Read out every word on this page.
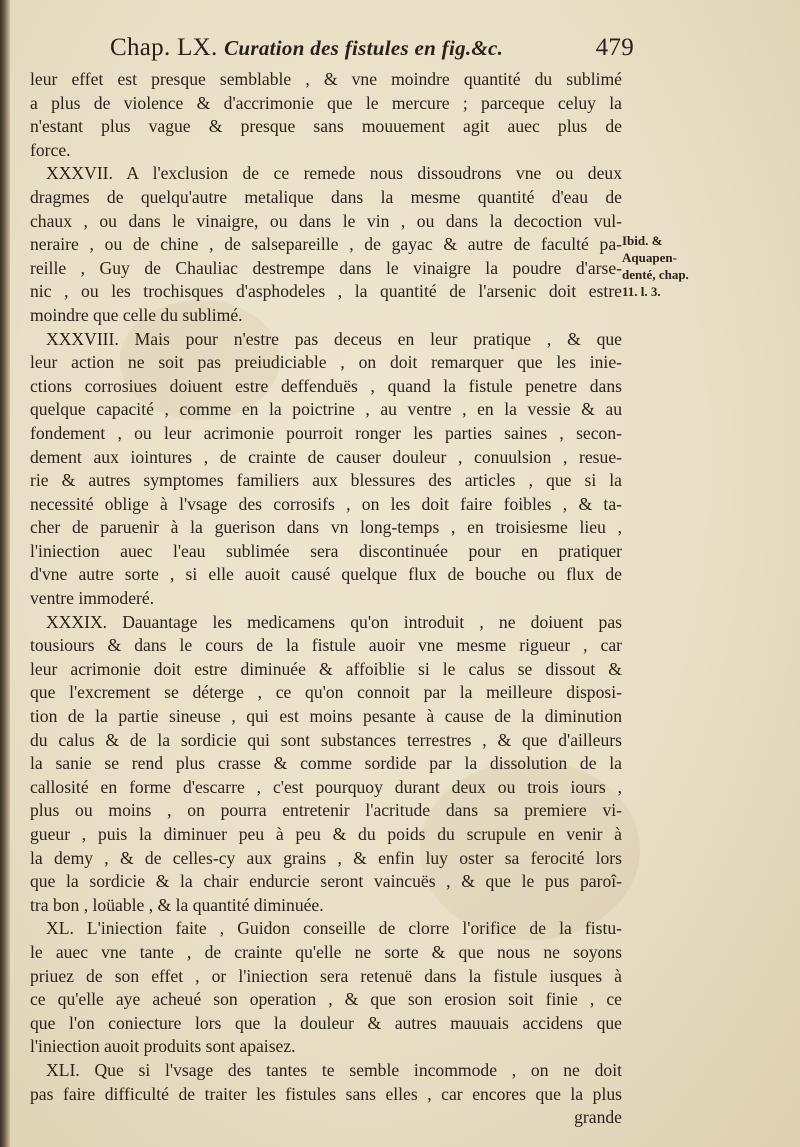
Chap. LX. Curation des fistules en fig.&c.	479
leur effet est presque semblable , & vne moindre quantité du sublimé
a plus de violence & d'accrimonie que le mercure ; parceque celuy la
n'estant plus vague & presque sans mouuement agit auec plus de
force.
XXXVII. A l'exclusion de ce remede nous dissoudrons vne ou deux
dragmes de quelqu'autre metalique dans la mesme quantité d'eau de
chaux , ou dans le vinaigre, ou dans le vin , ou dans la decoction vul-
neraire , ou de chine , de salsepareille , de gayac & autre de faculté pa-
reille , Guy de Chauliac destrempe dans le vinaigre la poudre d'arse-
nic , ou les trochisques d'asphodeles , la quantité de l'arsenic doit estre
moindre que celle du sublimé.
XXXVIII. Mais pour n'estre pas deceus en leur pratique , & que
leur action ne soit pas preiudiciable , on doit remarquer que les inie-
ctions corrosiues doiuent estre deffenduës , quand la fistule penetre dans
quelque capacité , comme en la poictrine , au ventre , en la vessie & au
fondement , ou leur acrimonie pourroit ronger les parties saines , secon-
dement aux iointures , de crainte de causer douleur , conuulsion , resue-
rie & autres symptomes familiers aux blessures des articles , que si la
necessité oblige à l'vsage des corrosifs , on les doit faire foibles , & ta-
cher de paruenir à la guerison dans vn long-temps , en troisiesme lieu ,
l'iniection auec l'eau sublimée sera discontinuée pour en pratiquer
d'vne autre sorte , si elle auoit causé quelque flux de bouche ou flux de
ventre immoderé.
XXXIX. Dauantage les medicamens qu'on introduit , ne doiuent pas
tousiours & dans le cours de la fistule auoir vne mesme rigueur , car
leur acrimonie doit estre diminuée & affoiblie si le calus se dissout &
que l'excrement se déterge , ce qu'on connoit par la meilleure disposi-
tion de la partie sineuse , qui est moins pesante à cause de la diminution
du calus & de la sordicie qui sont substances terrestres , & que d'ailleurs
la sanie se rend plus crasse & comme sordide par la dissolution de la
callosité en forme d'escarre , c'est pourquoy durant deux ou trois iours ,
plus ou moins , on pourra entretenir l'acritude dans sa premiere vi-
gueur , puis la diminuer peu à peu & du poids du scrupule en venir à
la demy , & de celles-cy aux grains , & enfin luy oster sa ferocité lors
que la sordicie & la chair endurcie seront vaincuës , & que le pus paroî-
tra bon , loüable , & la quantité diminuée.
XL. L'iniection faite , Guidon conseille de clorre l'orifice de la fistu-
le auec vne tante , de crainte qu'elle ne sorte & que nous ne soyons
priuez de son effet , or l'iniection sera retenuë dans la fistule iusques à
ce qu'elle aye acheué son operation , & que son erosion soit finie , ce
que l'on coniecture lors que la douleur & autres mauuais accidens que
l'iniection auoit produits sont apaisez.
XLI. Que si l'vsage des tantes te semble incommode , on ne doit
pas faire difficulté de traiter les fistules sans elles , car encores que la plus
grande
Ibid. &
Aquapen-
denté, chap.
11. l. 3.
